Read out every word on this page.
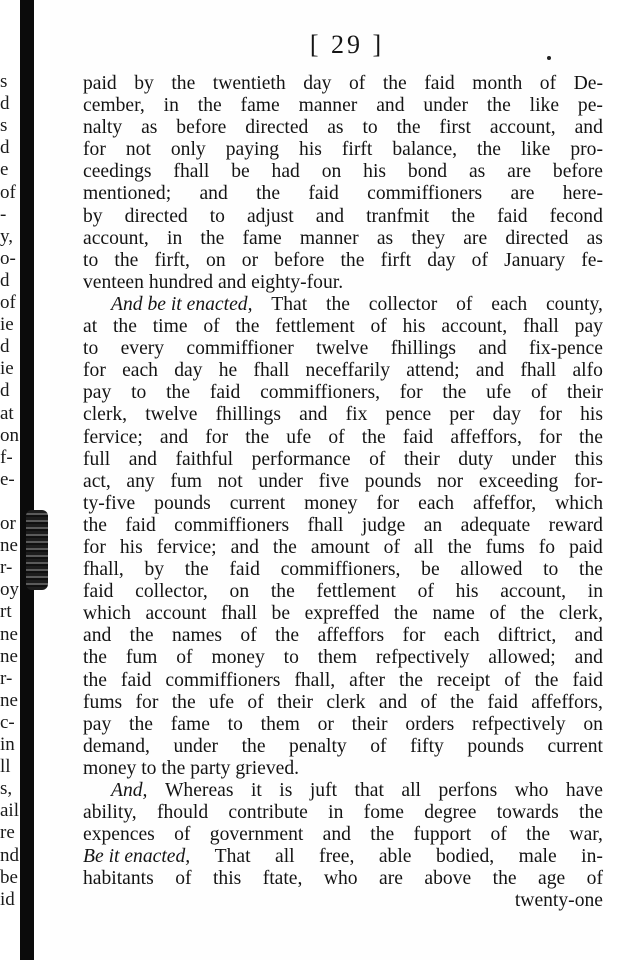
s
d
s
d
e
of
-
y,
o-
d
of
ie
d
ie
d
at
on
f-
e-
or
ne
r-
oy
rt
ne
ne
r-
ne
c-
in
ll
s,
ail
re
nd
be
id
[ 29 ]
paid by the twentieth day of the faid month of De-
cember, in the fame manner and under the like pe-
nalty as before directed as to the first account, and
for not only paying his firft balance, the like pro-
ceedings fhall be had on his bond as are before
mentioned; and the faid commiffioners are here-
by directed to adjust and tranfmit the faid fecond
account, in the fame manner as they are directed as
to the firft, on or before the firft day of January fe-
venteen hundred and eighty-four.
And be it enacted, That the collector of each county,
at the time of the fettlement of his account, fhall pay
to every commiffioner twelve fhillings and fix-pence
for each day he fhall neceffarily attend; and fhall alfo
pay to the faid commiffioners, for the ufe of their
clerk, twelve fhillings and fix pence per day for his
fervice; and for the ufe of the faid affeffors, for the
full and faithful performance of their duty under this
act, any fum not under five pounds nor exceeding for-
ty-five pounds current money for each affeffor, which
the faid commiffioners fhall judge an adequate reward
for his fervice; and the amount of all the fums fo paid
fhall, by the faid commiffioners, be allowed to the
faid collector, on the fettlement of his account, in
which account fhall be expreffed the name of the clerk,
and the names of the affeffors for each diftrict, and
the fum of money to them refpectively allowed; and
the faid commiffioners fhall, after the receipt of the faid
fums for the ufe of their clerk and of the faid affeffors,
pay the fame to them or their orders refpectively on
demand, under the penalty of fifty pounds current
money to the party grieved.
And, Whereas it is juft that all perfons who have
ability, fhould contribute in fome degree towards the
expences of government and the fupport of the war,
Be it enacted, That all free, able bodied, male in-
habitants of this ftate, who are above the age of
twenty-one
